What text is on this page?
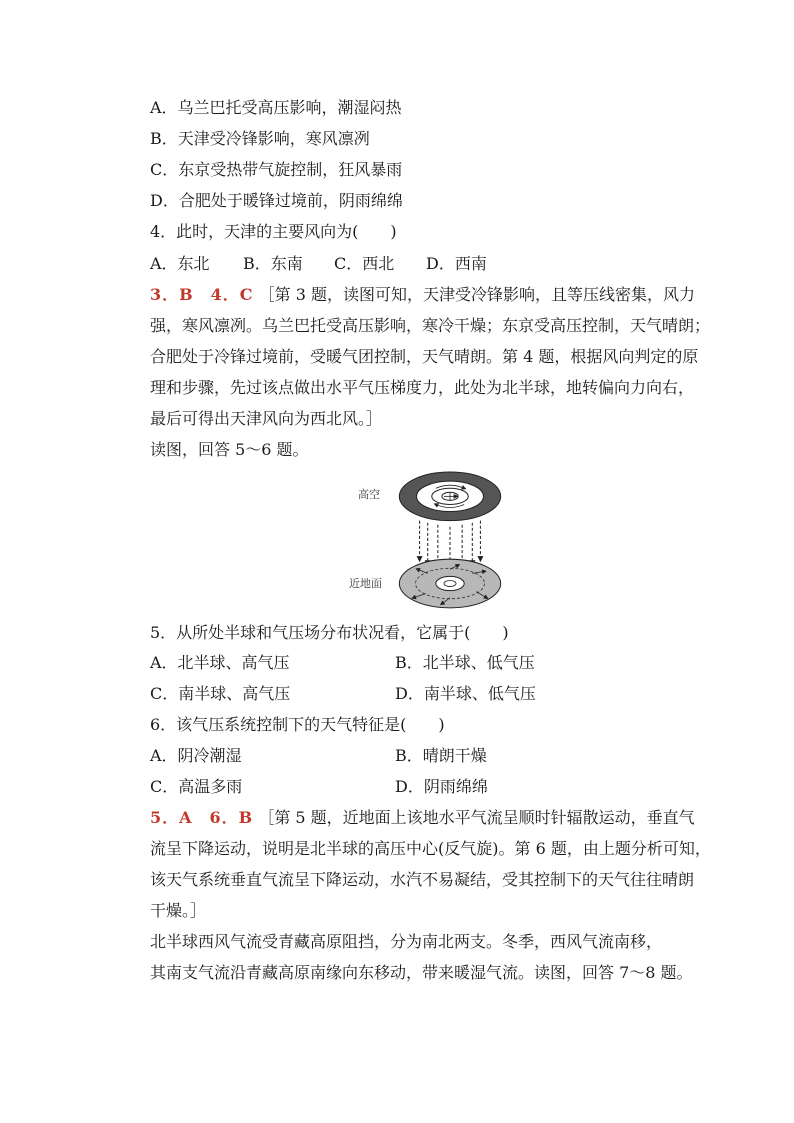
A．乌兰巴托受高压影响，潮湿闷热
B．天津受冷锋影响，寒风凛冽
C．东京受热带气旋控制，狂风暴雨
D．合肥处于暖锋过境前，阴雨绵绵
4．此时，天津的主要风向为(　　)
A．东北 B．东南 C．西北 D．西南
3．B　4．C ［第 3 题，读图可知，天津受冷锋影响，且等压线密集，风力
强，寒风凛冽。乌兰巴托受高压影响，寒冷干燥；东京受高压控制，天气晴朗；
合肥处于冷锋过境前，受暖气团控制，天气晴朗。第 4 题，根据风向判定的原
理和步骤，先过该点做出水平气压梯度力，此处为北半球，地转偏向力向右，
最后可得出天津风向为西北风。］
读图，回答 5～6 题。
高空
近地面
5．从所处半球和气压场分布状况看，它属于(　　)
A．北半球、高气压	B．北半球、低气压
C．南半球、高气压	D．南半球、低气压
6．该气压系统控制下的天气特征是(　　)
A．阴冷潮湿	B．晴朗干燥
C．高温多雨	D．阴雨绵绵
5．A　6．B ［第 5 题，近地面上该地水平气流呈顺时针辐散运动，垂直气
流呈下降运动，说明是北半球的高压中心(反气旋)。第 6 题，由上题分析可知，
该天气系统垂直气流呈下降运动，水汽不易凝结，受其控制下的天气往往晴朗
干燥。］
北半球西风气流受青藏高原阻挡，分为南北两支。冬季，西风气流南移，
其南支气流沿青藏高原南缘向东移动，带来暖湿气流。读图，回答 7～8 题。
